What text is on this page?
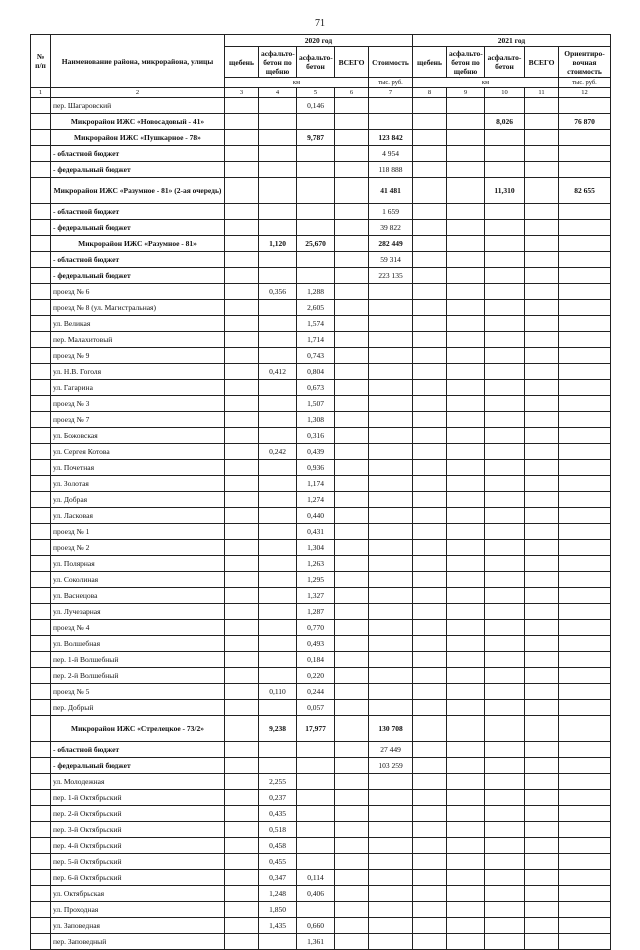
71
№ п/п	Наименование района, микрорайона, улицы	2020 год					2021 год				
		щебень	асфальто-бетон по щебню	асфальто-бетон	ВСЕГО	Стоимость	щебень	асфальто-бетон по щебню	асфальто-бетон	ВСЕГО	Ориентиро-вочная стоимость
		км				тыс. руб.	км				тыс. руб.
1	2	3	4	5	6	7	8	9	10	11	12
	пер. Шагаровский			0,146							
	Микрорайон ИЖС «Новосадовый - 41»								8,026		76 870
	Микрорайон ИЖС «Пушкарное - 78»			9,787		123 842					
	- областной бюджет					4 954					
	- федеральный бюджет					118 888					
	Микрорайон ИЖС «Разумное - 81» (2-ая очередь)					41 481			11,310		82 655
	- областной бюджет					1 659					
	- федеральный бюджет					39 822					
	Микрорайон ИЖС «Разумное - 81»		1,120	25,670		282 449					
	- областной бюджет					59 314					
	- федеральный бюджет					223 135					
	проезд № 6		0,356	1,288							
	проезд № 8 (ул. Магистральная)			2,605							
	ул. Великая			1,574							
	пер. Малахитовый			1,714							
	проезд № 9			0,743							
	ул. Н.В. Гоголя		0,412	0,804							
	ул. Гагарина			0,673							
	проезд № 3			1,507							
	проезд № 7			1,308							
	ул. Божовская			0,316							
	ул. Сергея Котова		0,242	0,439							
	ул. Почетная			0,936							
	ул. Золотая			1,174							
	ул. Добрая			1,274							
	ул. Ласковая			0,440							
	проезд № 1			0,431							
	проезд № 2			1,304							
	ул. Полярная			1,263							
	ул. Соколиная			1,295							
	ул. Васнецова			1,327							
	ул. Лучезарная			1,287							
	проезд № 4			0,770							
	ул. Волшебная			0,493							
	пер. 1-й Волшебный			0,184							
	пер. 2-й Волшебный			0,220							
	проезд № 5		0,110	0,244							
	пер. Добрый			0,057							
	Микрорайон ИЖС «Стрелецкое - 73/2»		9,238	17,977		130 708					
	- областной бюджет					27 449					
	- федеральный бюджет					103 259					
	ул. Молодежная		2,255								
	пер. 1-й Октябрьский		0,237								
	пер. 2-й Октябрьский		0,435								
	пер. 3-й Октябрьский		0,518								
	пер. 4-й Октябрьский		0,458								
	пер. 5-й Октябрьский		0,455								
	пер. 6-й Октябрьский		0,347	0,114							
	ул. Октябрьская		1,248	0,406							
	ул. Проходная		1,850								
	ул. Заповедная		1,435	0,660							
	пер. Заповедный			1,361							
